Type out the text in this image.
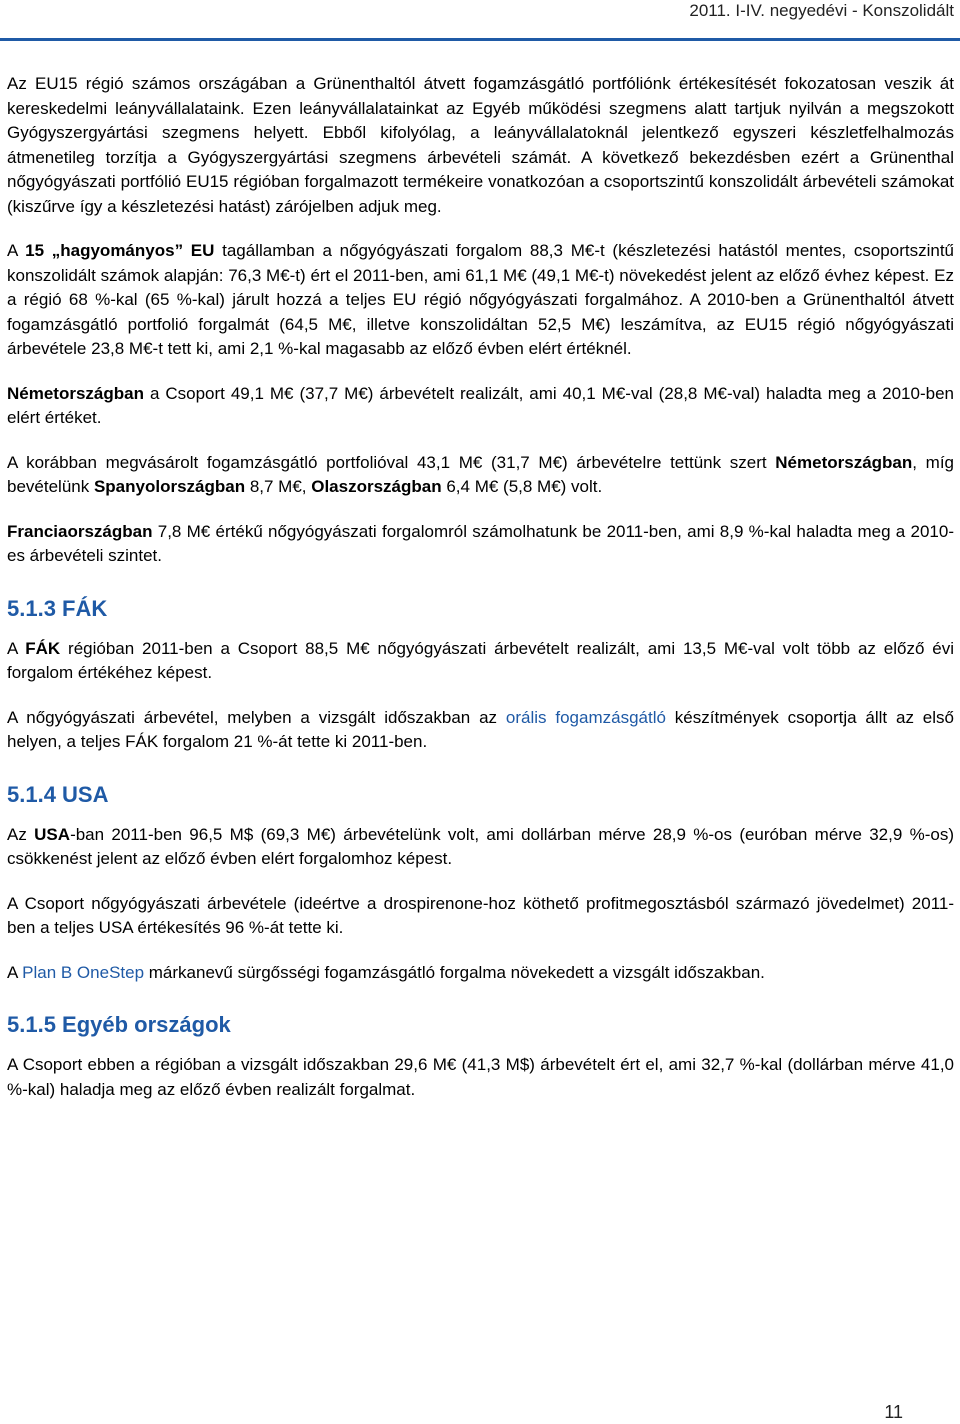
2011. I-IV. negyedévi - Konszolidált

Az EU15 régió számos országában a Grünenthaltól átvett fogamzásgátló portfóliónk értékesítését fokozatosan veszik át kereskedelmi leányvállalataink. Ezen leányvállalatainkat az Egyéb működési szegmens alatt tartjuk nyilván a megszokott Gyógyszergyártási szegmens helyett. Ebből kifolyólag, a leányvállalatoknál jelentkező egyszeri készletfelhalmozás átmenetileg torzítja a Gyógyszergyártási szegmens árbevételi számát. A következő bekezdésben ezért a Grünenthal nőgyógyászati portfólió EU15 régióban forgalmazott termékeire vonatkozóan a csoportszintű konszolidált árbevételi számokat (kiszűrve így a készletezési hatást) zárójelben adjuk meg.

A 15 „hagyományos” EU tagállamban a nőgyógyászati forgalom 88,3 M€-t (készletezési hatástól mentes, csoportszintű konszolidált számok alapján: 76,3 M€-t) ért el 2011-ben, ami 61,1 M€ (49,1 M€-t) növekedést jelent az előző évhez képest. Ez a régió 68 %-kal (65 %-kal) járult hozzá a teljes EU régió nőgyógyászati forgalmához. A 2010-ben a Grünenthaltól átvett fogamzásgátló portfolió forgalmát (64,5 M€, illetve konszolidáltan 52,5 M€) leszámítva, az EU15 régió nőgyógyászati árbevétele 23,8 M€-t tett ki, ami 2,1 %-kal magasabb az előző évben elért értéknél.

Németországban a Csoport 49,1 M€ (37,7 M€) árbevételt realizált, ami 40,1 M€-val (28,8 M€-val) haladta meg a 2010-ben elért értéket.

A korábban megvásárolt fogamzásgátló portfolióval 43,1 M€ (31,7 M€) árbevételre tettünk szert Németországban, míg bevételünk Spanyolországban 8,7 M€, Olaszországban 6,4 M€ (5,8 M€) volt.

Franciaországban 7,8 M€ értékű nőgyógyászati forgalomról számolhatunk be 2011-ben, ami 8,9 %-kal haladta meg a 2010-es árbevételi szintet.

5.1.3 FÁK

A FÁK régióban 2011-ben a Csoport 88,5 M€ nőgyógyászati árbevételt realizált, ami 13,5 M€-val volt több az előző évi forgalom értékéhez képest.

A nőgyógyászati árbevétel, melyben a vizsgált időszakban az orális fogamzásgátló készítmények csoportja állt az első helyen, a teljes FÁK forgalom 21 %-át tette ki 2011-ben.

5.1.4 USA

Az USA-ban 2011-ben 96,5 M$ (69,3 M€) árbevételünk volt, ami dollárban mérve 28,9 %-os (euróban mérve 32,9 %-os) csökkenést jelent az előző évben elért forgalomhoz képest.

A Csoport nőgyógyászati árbevétele (ideértve a drospirenone-hoz köthető profitmegosztásból származó jövedelmet) 2011-ben a teljes USA értékesítés 96 %-át tette ki.

A Plan B OneStep márkanevű sürgősségi fogamzásgátló forgalma növekedett a vizsgált időszakban.

5.1.5 Egyéb országok

A Csoport ebben a régióban a vizsgált időszakban 29,6 M€ (41,3 M$) árbevételt ért el, ami 32,7 %-kal (dollárban mérve 41,0 %-kal) haladja meg az előző évben realizált forgalmat.

11
